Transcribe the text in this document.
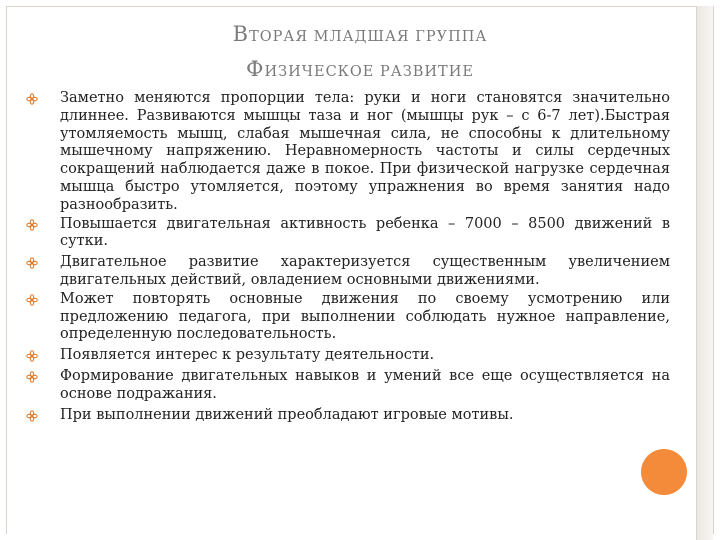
ВТОРАЯ МЛАДШАЯ ГРУППА
ФИЗИЧЕСКОЕ РАЗВИТИЕ
Заметно меняются пропорции тела: руки и ноги становятся значительно длиннее. Развиваются мышцы таза и ног (мышцы рук – с 6-7 лет).Быстрая утомляемость мышц, слабая мышечная сила, не способны к длительному мышечному напряжению. Неравномерность частоты и силы сердечных сокращений наблюдается даже в покое. При физической нагрузке сердечная мышца быстро утомляется, поэтому упражнения во время занятия надо разнообразить.
Повышается двигательная активность ребенка – 7000 – 8500 движений в сутки.
Двигательное развитие характеризуется существенным увеличением двигательных действий, овладением основными движениями.
Может повторять основные движения по своему усмотрению или предложению педагога, при выполнении соблюдать нужное направление, определенную последовательность.
Появляется интерес к результату деятельности.
Формирование двигательных навыков и умений все еще осуществляется на основе подражания.
При выполнении движений преобладают игровые мотивы.
